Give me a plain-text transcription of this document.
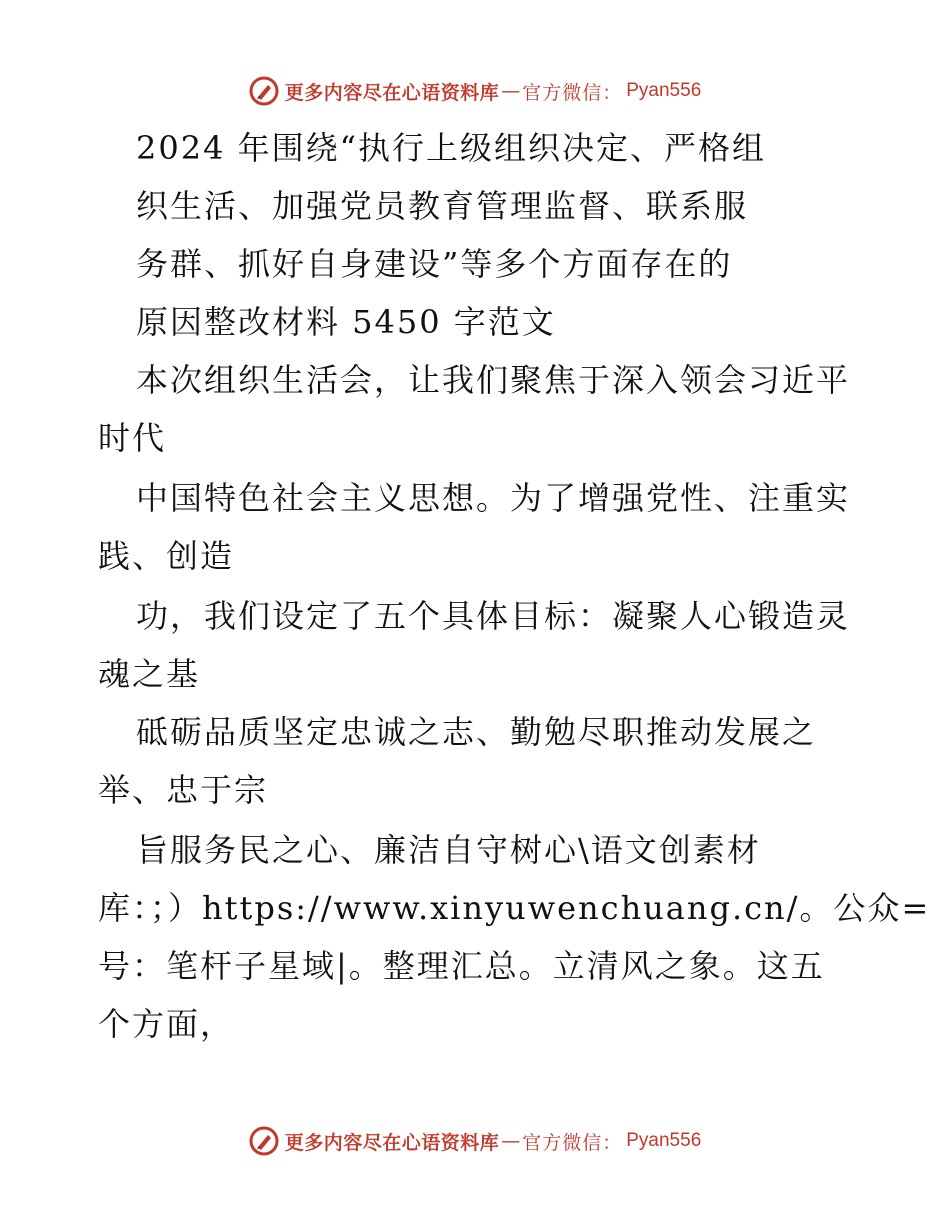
更多内容尽在心语资料库 — 官方微信： Pyan556
2024 年围绕“执行上级组织决定、严格组
织生活、加强党员教育管理监督、联系服
务群、抓好自身建设”等多个方面存在的
原因整改材料 5450 字范文
本次组织生活会，让我们聚焦于深入领会习近平
时代
中国特色社会主义思想。为了增强党性、注重实
践、创造
功，我们设定了五个具体目标：凝聚人心锻造灵
魂之基
砥砺品质坚定忠诚之志、勤勉尽职推动发展之
举、忠于宗
旨服务民之心、廉洁自守树心\语文创素材
库：；）https://www.xinyuwenchuang.cn/。公众=
号：笔杆子星域|。整理汇总。立清风之象。这五
个方面，
更多内容尽在心语资料库 — 官方微信： Pyan556
